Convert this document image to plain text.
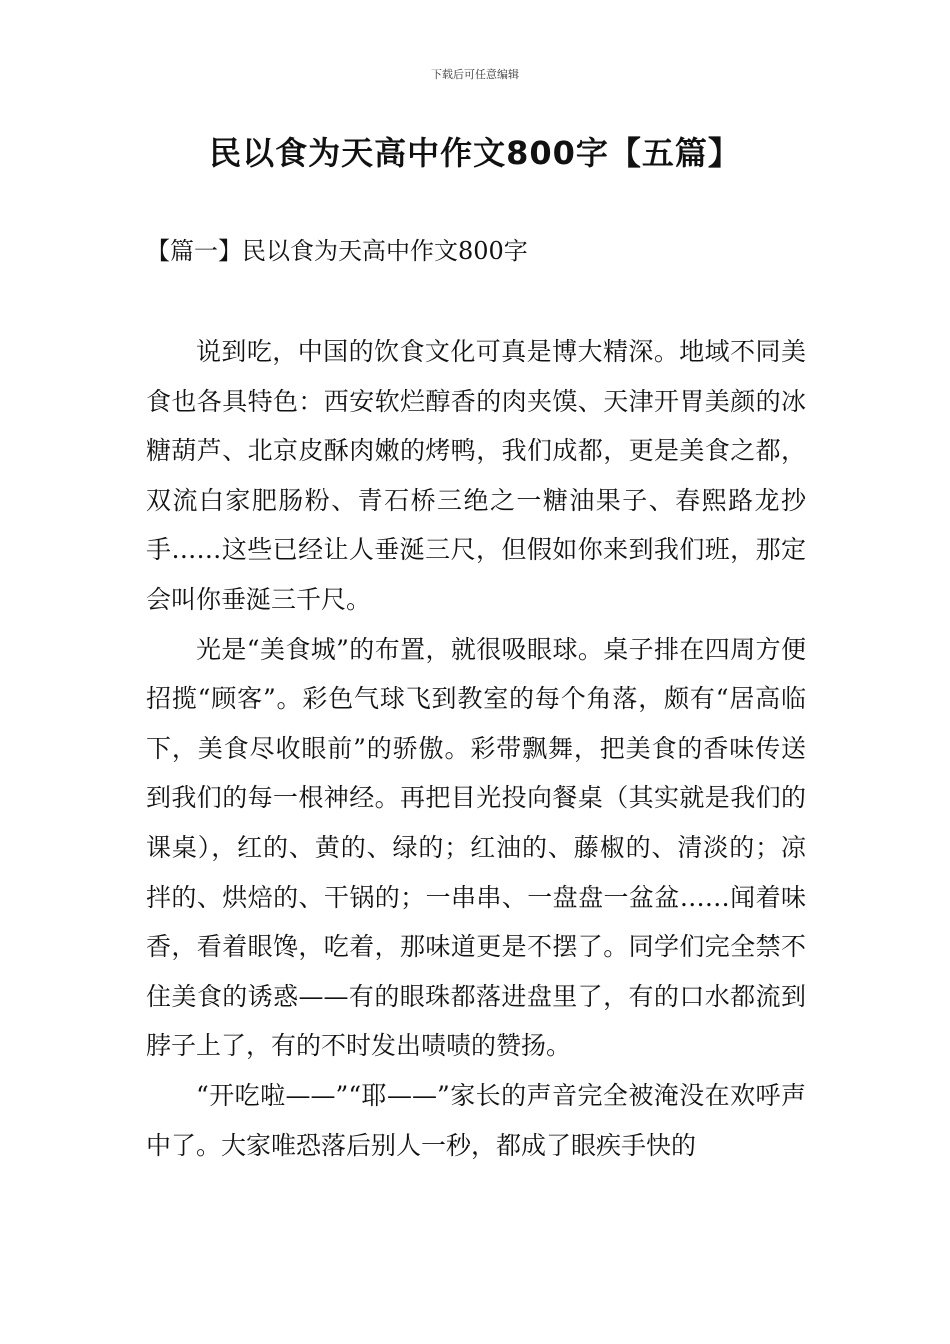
下载后可任意编辑
民以食为天高中作文800字【五篇】
【篇一】民以食为天高中作文800字

说到吃，中国的饮食文化可真是博大精深。地域不同美食也各具特色：西安软烂醇香的肉夹馍、天津开胃美颜的冰糖葫芦、北京皮酥肉嫩的烤鸭，我们成都，更是美食之都，双流白家肥肠粉、青石桥三绝之一糖油果子、春熙路龙抄手……这些已经让人垂涎三尺，但假如你来到我们班，那定会叫你垂涎三千尺。

光是“美食城”的布置，就很吸眼球。桌子排在四周方便招揽“顾客”。彩色气球飞到教室的每个角落，颇有“居高临下，美食尽收眼前”的骄傲。彩带飘舞，把美食的香味传送到我们的每一根神经。再把目光投向餐桌（其实就是我们的课桌），红的、黄的、绿的；红油的、藤椒的、清淡的；凉拌的、烘焙的、干锅的；一串串、一盘盘一盆盆……闻着味香，看着眼馋，吃着，那味道更是不摆了。同学们完全禁不住美食的诱惑——有的眼珠都落进盘里了，有的口水都流到脖子上了，有的不时发出啧啧的赞扬。

“开吃啦——”“耶——”家长的声音完全被淹没在欢呼声中了。大家唯恐落后别人一秒，都成了眼疾手快的
